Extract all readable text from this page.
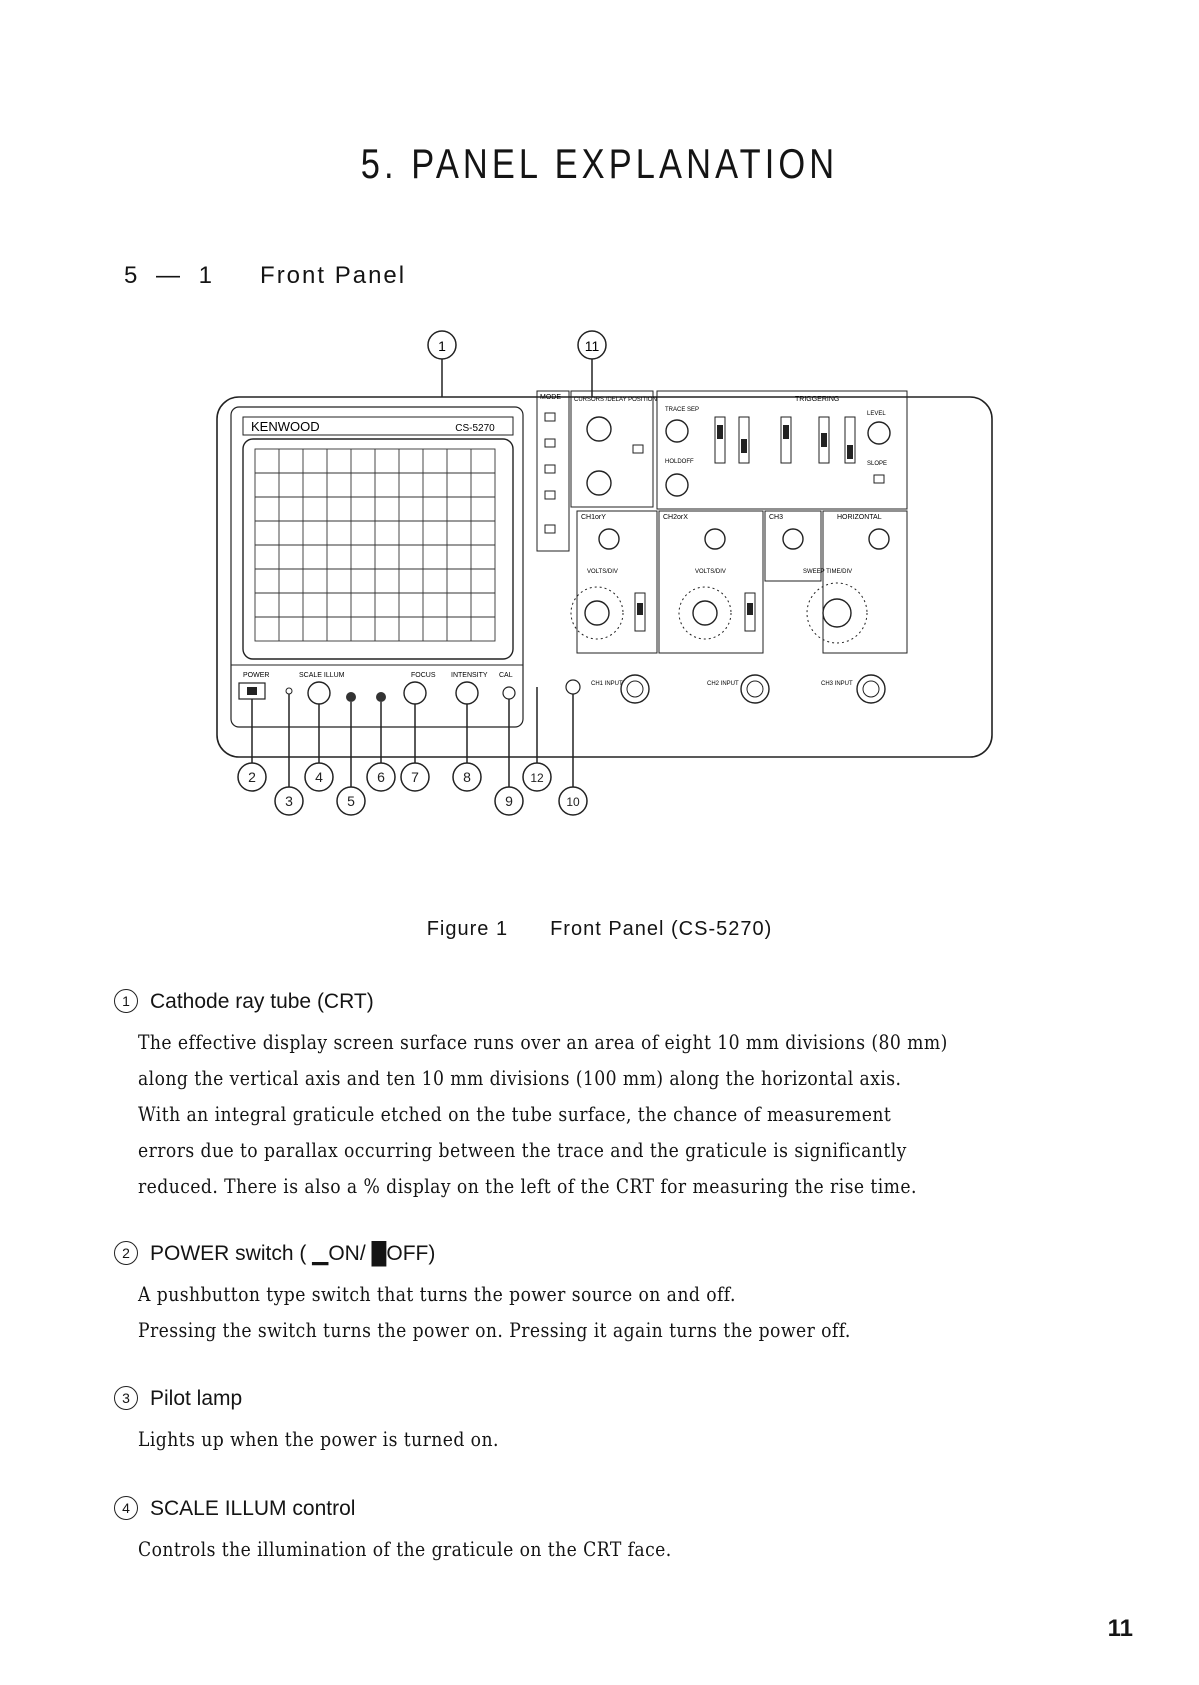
5. PANEL EXPLANATION
5 — 1 Front Panel
1	11
KENWOOD	CS-5270
POWER	SCALE ILLUM	FOCUS INTENSITY CAL
MODE CURSORS /DELAY POSITION	TRIGGERING
TRACE SEP
HOLDOFF
LEVEL
SLOPE
CH1orY
VOLTS/DIV
CH2orX
VOLTS/DIV
CH3	HORIZONTAL
SWEEP TIME/DIV
CH1 INPUT	CH2 INPUT	CH3 INPUT
2
3
4
5
6 7	8
9
12
10
Figure 1 Front Panel (CS-5270)
1 Cathode ray tube (CRT)

The effective display screen surface runs over an area of eight 10 mm divisions (80 mm)

along the vertical axis and ten 10 mm divisions (100 mm) along the horizontal axis.

With an integral graticule etched on the tube surface, the chance of measurement

errors due to parallax occurring between the trace and the graticule is significantly

reduced. There is also a % display on the left of the CRT for measuring the rise time.

2 POWER switch ( ▁ON/ █OFF)

A pushbutton type switch that turns the power source on and off.

Pressing the switch turns the power on. Pressing it again turns the power off.

3 Pilot lamp

Lights up when the power is turned on.

4 SCALE ILLUM control

Controls the illumination of the graticule on the CRT face.

11
